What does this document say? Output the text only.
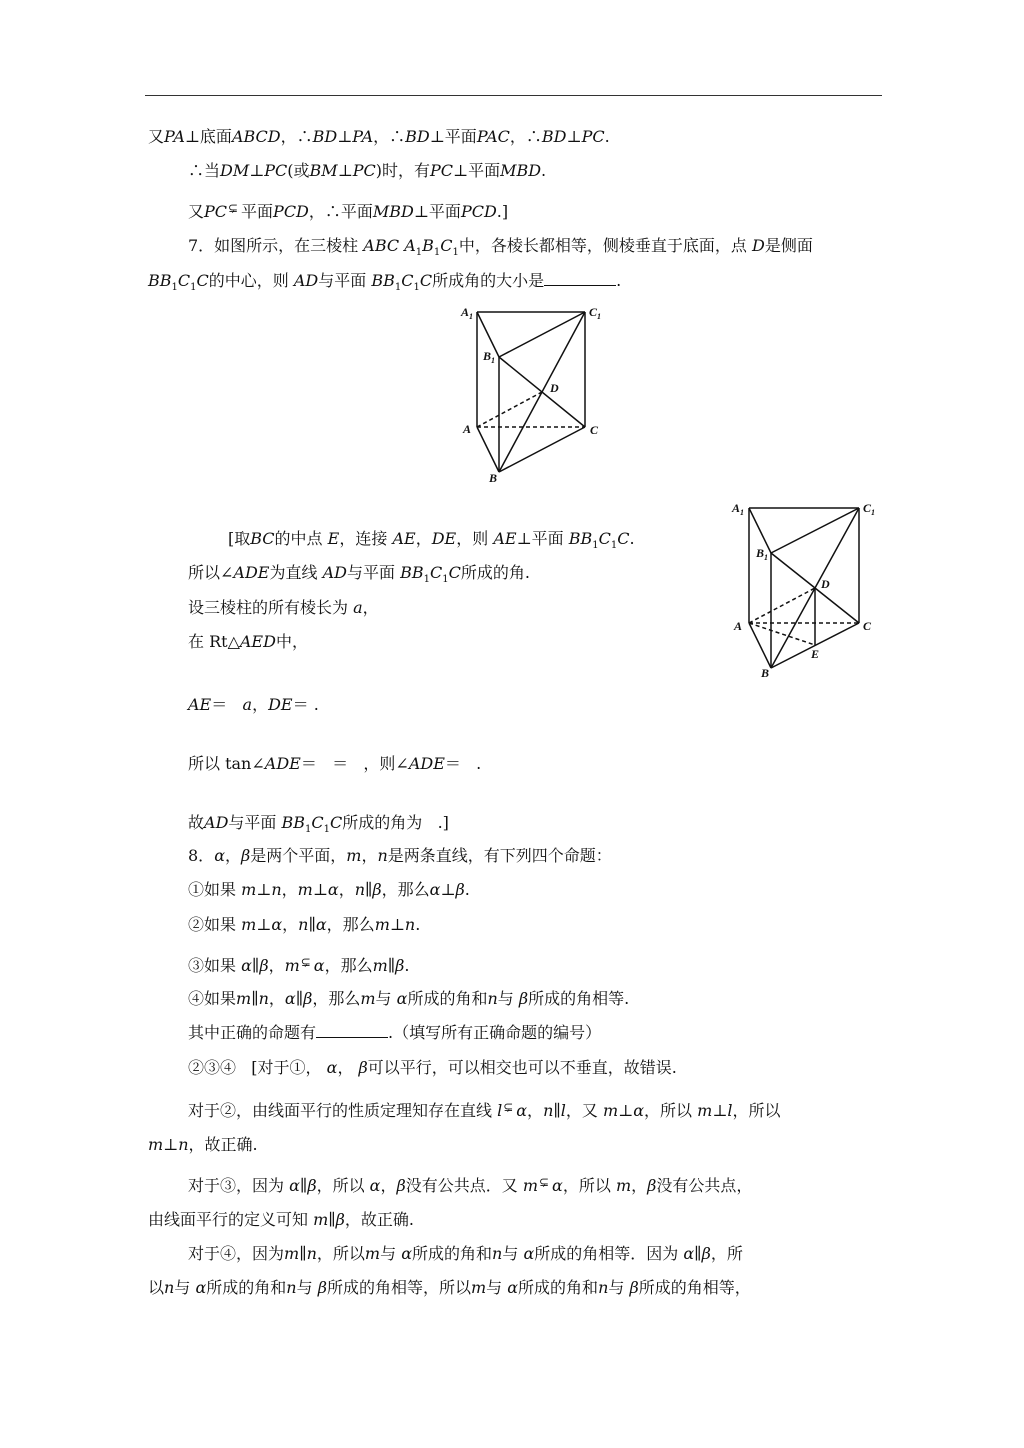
又PA⊥底面ABCD，∴BD⊥PA，∴BD⊥平面PAC，∴BD⊥PC.
∴当DM⊥PC(或BM⊥PC)时，有PC⊥平面MBD.
又PC ⊊ 平面PCD，∴平面MBD⊥平面PCD.]
7．如图所示，在三棱柱 ABC $A_1B_1C_1$中，各棱长都相等，侧棱垂直于底面，点 D是侧面
$BB_1C_1C$的中心，则 AD与平面 $BB_1C_1C$所成角的大小是	.
$A_1$	$C_1$
$B_1$
D
A	C
B
$A_1$	$C_1$
$B_1$
D
A	C
E
B
[取BC的中点 E，连接 AE，DE，则 AE⊥平面 $BB_1C_1C$.
所以∠ADE为直线 AD与平面 $BB_1C_1C$所成的角.
设三棱柱的所有棱长为 a，
在 Rt△AED中，
AE＝ a，DE＝ .
所以 tan∠ADE＝ ＝ ，则∠ADE＝ .
故AD与平面 $BB_1C_1C$所成的角为 .]
8．α，β是两个平面，m，n是两条直线，有下列四个命题：
①如果 m⊥n，m⊥α，n∥β，那么α⊥β.
②如果 m⊥α，n∥α，那么m⊥n.
③如果 α∥β，m ⊊ α，那么m∥β.
④如果m∥n，α∥β，那么m与 α所成的角和n与 β所成的角相等.
其中正确的命题有	.（填写所有正确命题的编号）
②③④ [对于①， α， β可以平行，可以相交也可以不垂直，故错误.
对于②，由线面平行的性质定理知存在直线 l ⊊ α，n∥l，又 m⊥α，所以 m⊥l，所以
m⊥n，故正确.
对于③，因为 α∥β，所以 α，β没有公共点．又 m ⊊ α，所以 m，β没有公共点，
由线面平行的定义可知 m∥β，故正确.
对于④，因为m∥n，所以m与 α所成的角和n与 α所成的角相等．因为 α∥β，所
以n与 α所成的角和n与 β所成的角相等，所以m与 α所成的角和n与 β所成的角相等，
